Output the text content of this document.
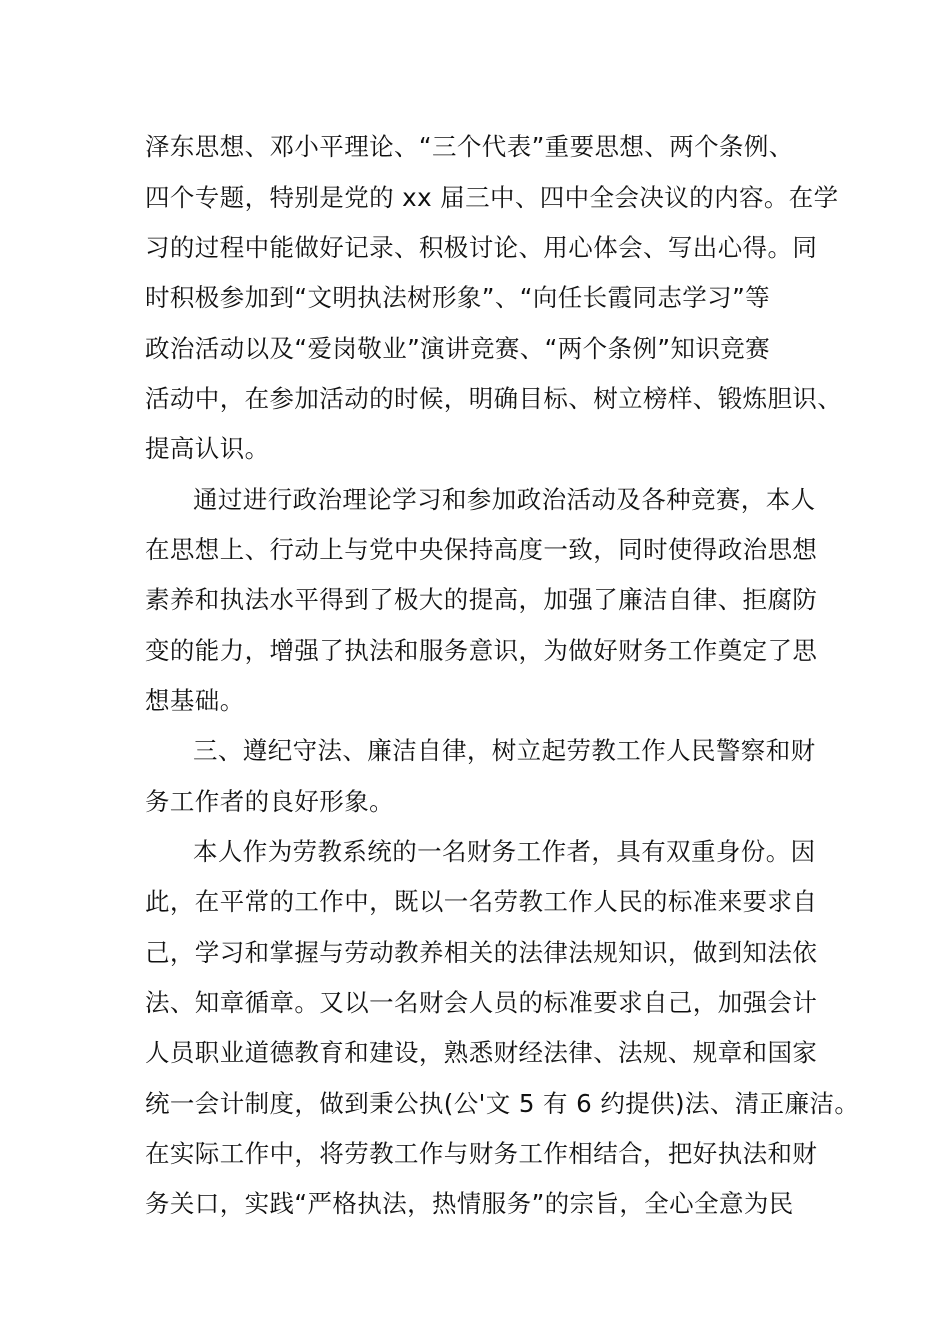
泽东思想、邓小平理论、“三个代表”重要思想、两个条例、
四个专题，特别是党的 xx 届三中、四中全会决议的内容。在学
习的过程中能做好记录、积极讨论、用心体会、写出心得。同
时积极参加到“文明执法树形象”、“向任长霞同志学习”等
政治活动以及“爱岗敬业”演讲竞赛、“两个条例”知识竞赛
活动中，在参加活动的时候，明确目标、树立榜样、锻炼胆识、
提高认识。
通过进行政治理论学习和参加政治活动及各种竞赛，本人
在思想上、行动上与党中央保持高度一致，同时使得政治思想
素养和执法水平得到了极大的提高，加强了廉洁自律、拒腐防
变的能力，增强了执法和服务意识，为做好财务工作奠定了思
想基础。
三、遵纪守法、廉洁自律，树立起劳教工作人民警察和财
务工作者的良好形象。
本人作为劳教系统的一名财务工作者，具有双重身份。因
此，在平常的工作中，既以一名劳教工作人民的标准来要求自
己，学习和掌握与劳动教养相关的法律法规知识，做到知法依
法、知章循章。又以一名财会人员的标准要求自己，加强会计
人员职业道德教育和建设，熟悉财经法律、法规、规章和国家
统一会计制度，做到秉公执(公'文 5 有 6 约提供)法、清正廉洁。
在实际工作中，将劳教工作与财务工作相结合，把好执法和财
务关口，实践“严格执法，热情服务”的宗旨，全心全意为民
